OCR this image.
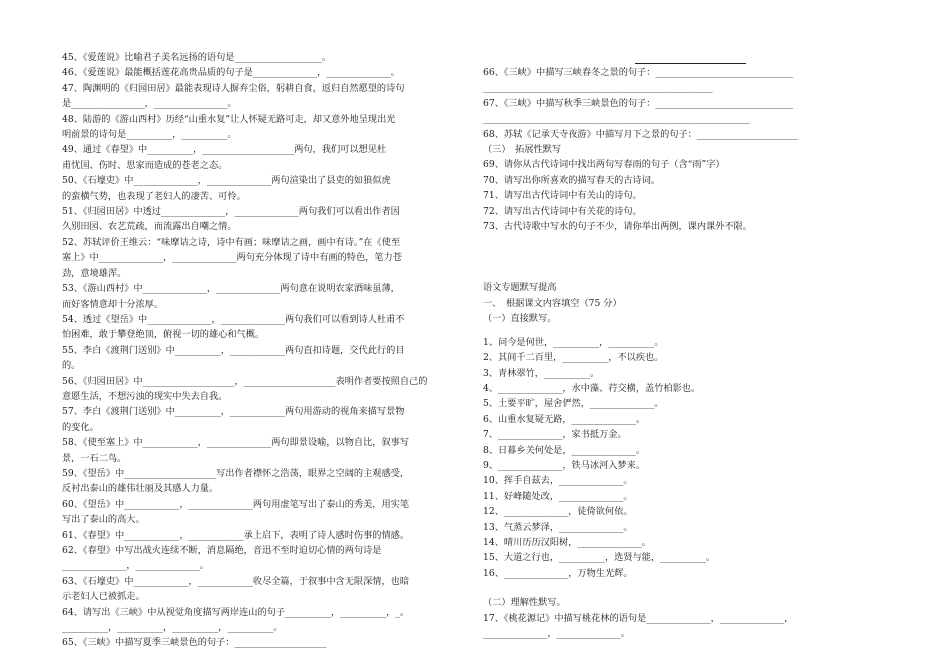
45、《爱莲说》比喻君子美名远扬的语句是___________________。
46、《爱莲说》最能概括莲花高贵品质的句子是______________，______________。
47、陶渊明的《归园田居》最能表现诗人摒弃尘俗，躬耕自食，返归自然愿望的诗句
是________________，________________。
48、陆游的《游山西村》历经“山重水复”让人怀疑无路可走，却又意外地呈现出光
明前景的诗句是__________，__________。
49、通过《春望》中__________，____________________两句，我们可以想见杜
甫忧国、伤时、思家而造成的苍老之态。
50、《石壕吏》中______________，______________两句渲染出了县吏的如狼似虎
的蛮横气势，也表现了老妇人的凄苦、可怜。
51、《归园田居》中透过______________，______________两句我们可以看出作者因
久别田园、农艺荒疏，而流露出自嘲之情。
52、苏轼评价王维云：“味摩诘之诗，诗中有画；味摩诘之画，画中有诗。”在《使至
塞上》中______________，______________两句充分体现了诗中有画的特色，笔力苍
劲，意境雄浑。
53、《游山西村》中______________，______________两句意在说明农家酒味虽薄，
而好客情意却十分浓厚。
54、透过《望岳》中______________，______________两句我们可以看到诗人杜甫不
怕困难，敢于攀登绝顶，俯视一切的雄心和气概。
55、李白《渡荆门送别》中__________，____________两句直扣诗题，交代此行的目
的。
56、《归园田居》中____________________，____________________表明作者要按照自己的
意愿生活，不想污浊的现实中失去自我。
57、李白《渡荆门送别》中__________，____________两句用游动的视角来描写景物
的变化。
58、《使至塞上》中____________，______________两句即景设喻，以物自比，叙事写
景，一石二鸟。
59、《望岳》中____________________写出作者襟怀之浩荡，眼界之空阔的主观感受，
反衬出泰山的雄伟壮丽及其感人力量。
60、《望岳》中____________，______________两句用虚笔写出了泰山的秀美，用实笔
写出了泰山的高大。
61、《春望》中____________，____________承上启下，表明了诗人感时伤事的情感。
62、《春望》中写出战火连续不断，消息隔绝，音迅不至时迫切心情的两句诗是
______________，______________。
63、《石壕吏》中____________，____________收尽全篇，于叙事中含无限深情，也暗
示老妇人已被抓走。
64、请写出《三峡》中从视觉角度描写两岸连山的句子__________，__________，_。
__________，__________，__________，__________。
65、《三峡》中描写夏季三峡景色的句子：____________________
66、《三峡》中描写三峡春冬之景的句子：______________________________
__________________________________________________
67、《三峡》中描写秋季三峡景色的句子：______________________________
__________________________________________________________
68、苏轼《记承天寺夜游》中描写月下之景的句子：______________________
（三）　拓展性默写
69、请你从古代诗词中找出两句写春雨的句子（含“雨”字）
70、请写出你所喜欢的描写春天的古诗词。
71、请写出古代诗词中有关山的诗句。
72、请写出古代诗词中有关花的诗句。
73、古代诗歌中写水的句子不少，请你举出两例，课内课外不限。
语文专题默写提高
一、　根据课文内容填空（75 分）
（一）直接默写。
1、问今是何世，__________，__________。
2、其间千二百里，__________，不以疾也。
3、青林翠竹，__________。
4、______________，水中藻、荇交横，盖竹柏影也。
5、土要平旷，屋舍俨然，______________。
6、山重水复疑无路，______________。
7、______________，家书抵万金。
8、日暮乡关何处是，______________。
9、______________，铁马冰河入梦来。
10、挥手自兹去，______________。
11、好峰随处改，______________。
12、______________，徒倚欲何依。
13、气蒸云梦泽，______________。
14、晴川历历汉阳树，______________。
15、大道之行也，__________，选贤与能，__________。
16、______________，万物生光辉。
（二）理解性默写。
17、《桃花源记》中描写桃花林的语句是______________，______________，
______________，______________。
